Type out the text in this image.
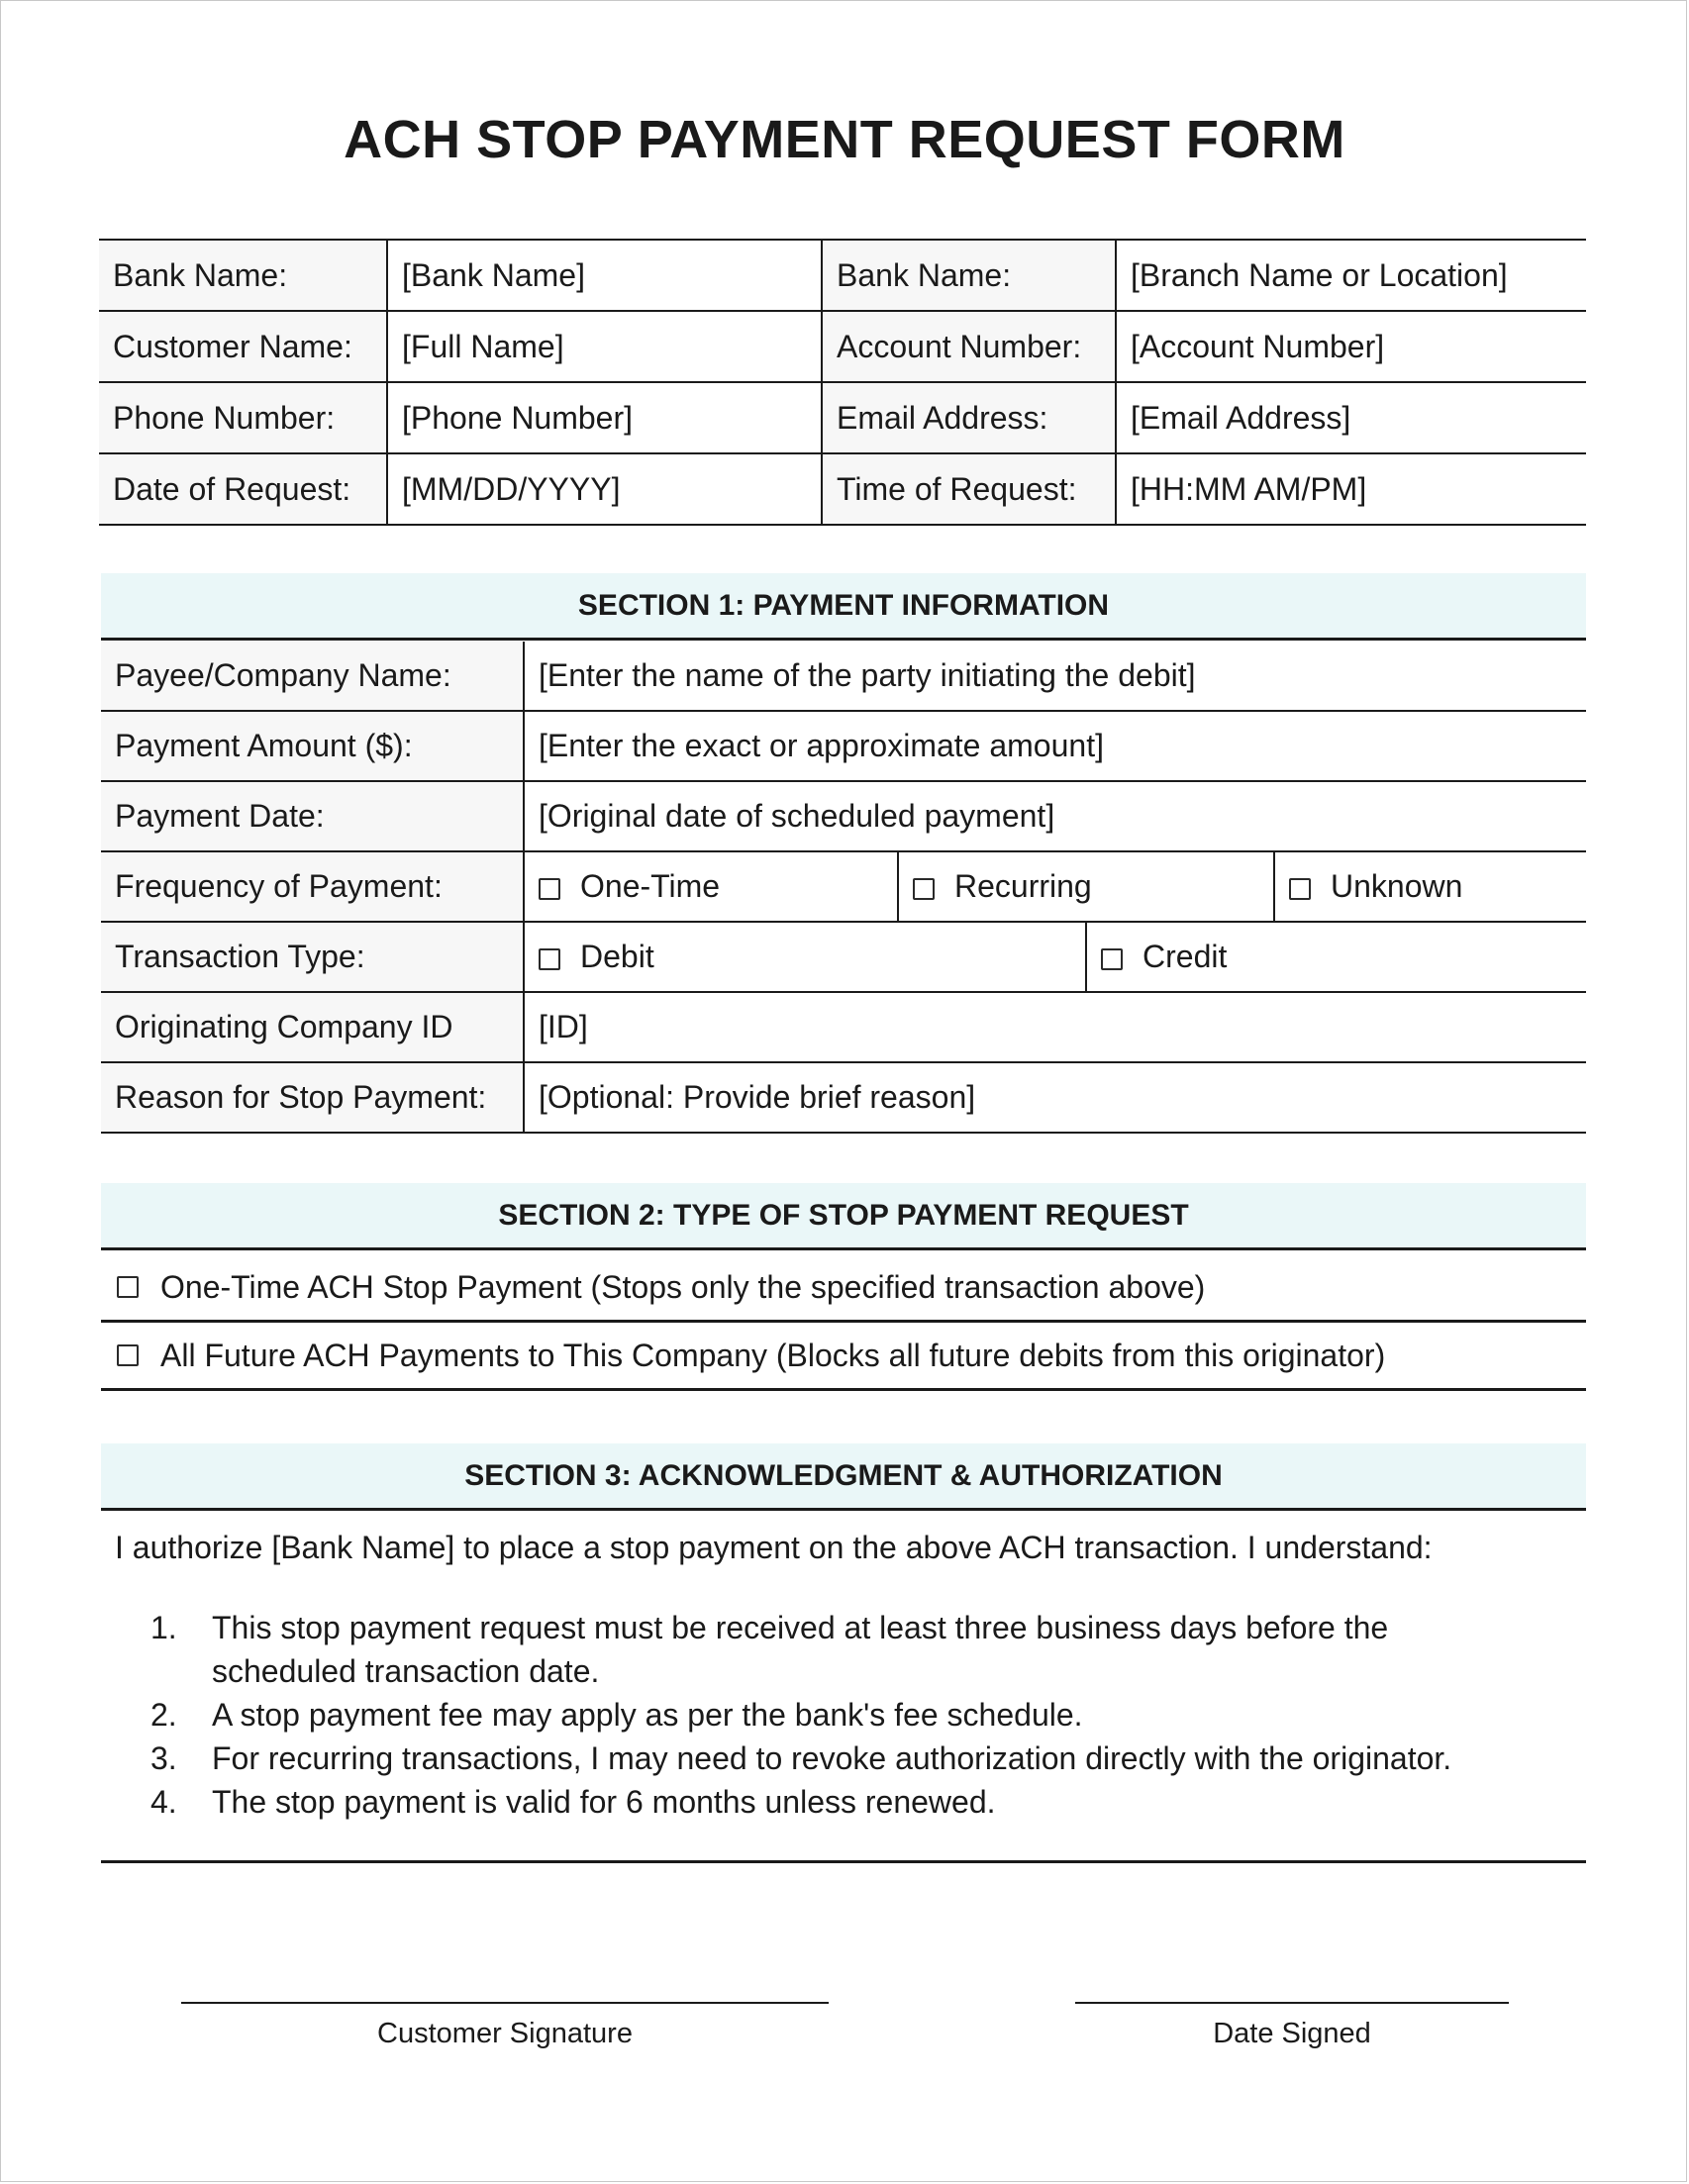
ACH STOP PAYMENT REQUEST FORM
Bank Name:	[Bank Name]	Bank Name:	[Branch Name or Location]
Customer Name:	[Full Name]	Account Number:	[Account Number]
Phone Number:	[Phone Number]	Email Address:	[Email Address]
Date of Request:	[MM/DD/YYYY]	Time of Request:	[HH:MM AM/PM]
SECTION 1: PAYMENT INFORMATION
Payee/Company Name:	[Enter the name of the party initiating the debit]			
Payment Amount ($):	[Enter the exact or approximate amount]			
Payment Date:	[Original date of scheduled payment]			
Frequency of Payment:	One-Time	Recurring		Unknown
Transaction Type:	Debit		Credit	
Originating Company ID	[ID]			
Reason for Stop Payment:	[Optional: Provide brief reason]			
SECTION 2: TYPE OF STOP PAYMENT REQUEST
One-Time ACH Stop Payment (Stops only the specified transaction above)
All Future ACH Payments to This Company (Blocks all future debits from this originator)
SECTION 3: ACKNOWLEDGMENT & AUTHORIZATION
I authorize [Bank Name] to place a stop payment on the above ACH transaction. I understand:
1.	This stop payment request must be received at least three business days before the scheduled transaction date.
2.	A stop payment fee may apply as per the bank's fee schedule.
3.	For recurring transactions, I may need to revoke authorization directly with the originator.
4.	The stop payment is valid for 6 months unless renewed.
Customer Signature	Date Signed
